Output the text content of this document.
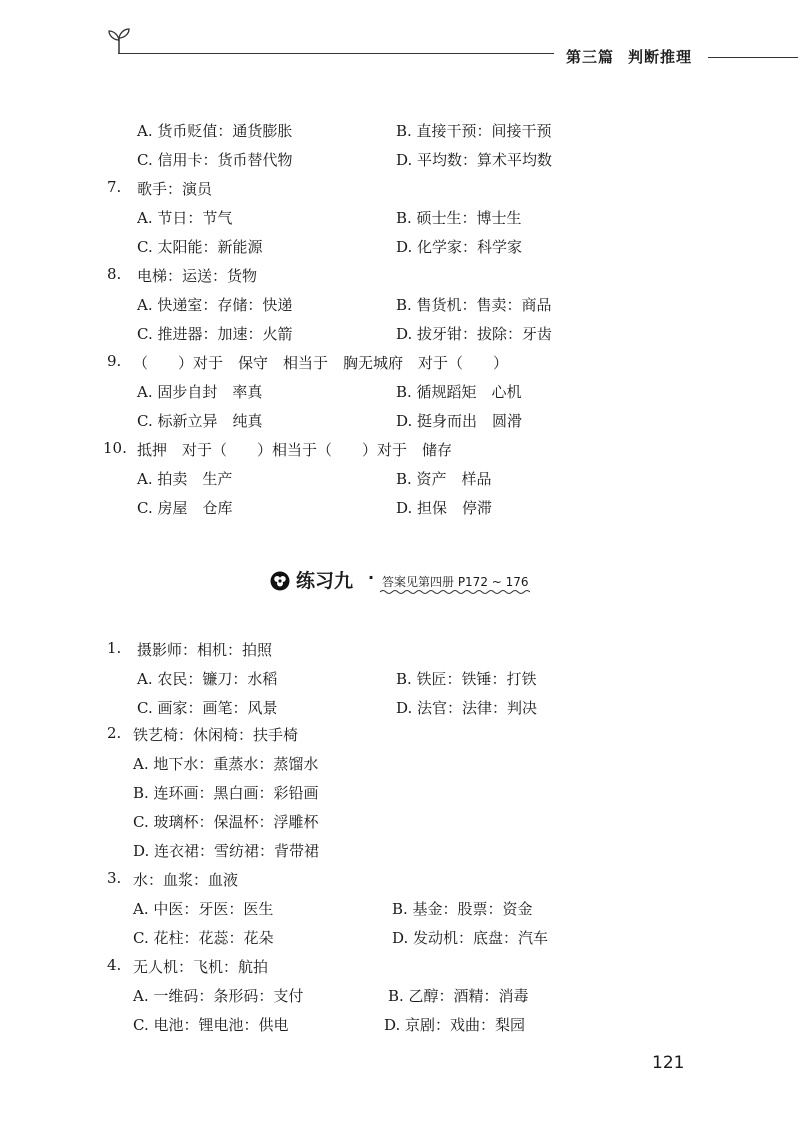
第三篇 判断推理
A. 货币贬值：通货膨胀	B. 直接干预：间接干预
C. 信用卡：货币替代物	D. 平均数：算术平均数
7. 歌手：演员
A. 节日：节气	B. 硕士生：博士生
C. 太阳能：新能源	D. 化学家：科学家
8. 电梯：运送：货物
A. 快递室：存储：快递	B. 售货机：售卖：商品
C. 推进器：加速：火箭	D. 拔牙钳：拔除：牙齿
9. （　　）对于　保守　相当于　胸无城府　对于（　　）
A. 固步自封　率真	B. 循规蹈矩　心机
C. 标新立异　纯真	D. 挺身而出　圆滑
10. 抵押　对于（　　）相当于（　　）对于　储存
A. 拍卖　生产	B. 资产　样品
C. 房屋　仓库	D. 担保　停滞
练习九 · 答案见第四册 P172 ~ 176
1. 摄影师：相机：拍照
A. 农民：镰刀：水稻	B. 铁匠：铁锤：打铁
C. 画家：画笔：风景	D. 法官：法律：判决
2. 铁艺椅：休闲椅：扶手椅
A. 地下水：重蒸水：蒸馏水
B. 连环画：黑白画：彩铅画
C. 玻璃杯：保温杯：浮雕杯
D. 连衣裙：雪纺裙：背带裙
3. 水：血浆：血液
A. 中医：牙医：医生	B. 基金：股票：资金
C. 花柱：花蕊：花朵	D. 发动机：底盘：汽车
4. 无人机：飞机：航拍
A. 一维码：条形码：支付	B. 乙醇：酒精：消毒
C. 电池：锂电池：供电	D. 京剧：戏曲：梨园
121
